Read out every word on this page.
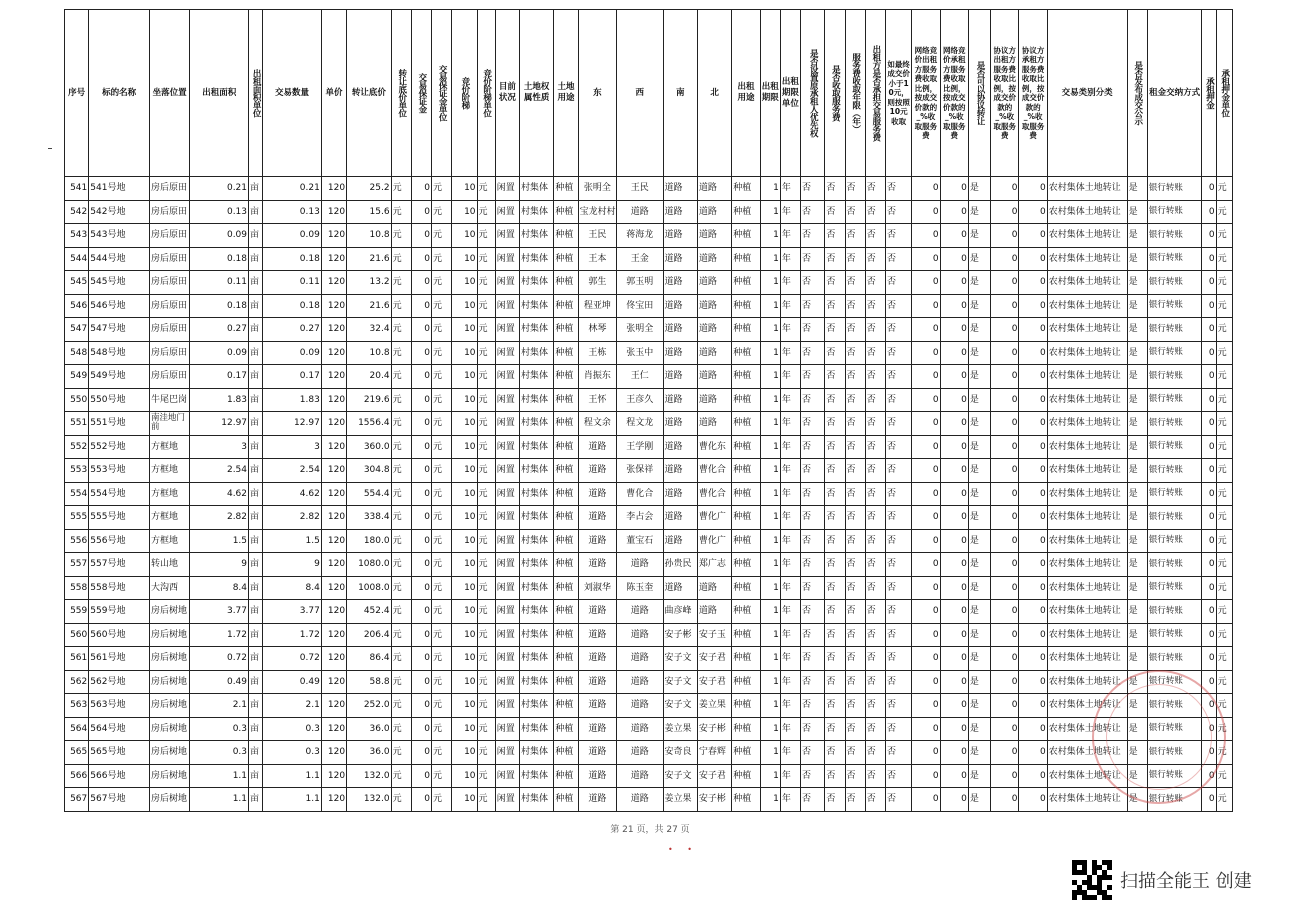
序号	标的名称	坐落位置	出租面积	出租面积单位	交易数量	单价	转让底价	转让底价单位	交易保证金	交易保证金单位	竞价阶梯	竞价阶梯单位	目前状况	土地权属性质	土地用途	东	西	南	北	出租用途	出租期限	出租期限单位	是否设置原承租人优先权	是否收取服务费	服务费收取年限（年）	出租方是否承担交易服务费	如最终成交价小于10元，则按照10元收取	网络竞价出租方服务费收取比例，按成交价款的_%收取服务费	网络竞价承租方服务费收取比例，按成交价款的_%收取服务费	是否可以协议转让	协议方出租方服务费收取比例，按成交价款的_%收取服务费	协议方承租方服务费收取比例，按成交价款的_%收取服务费	交易类别分类	是否发布成交公示	租金交纳方式	承租押金	承租押金单位
541	541号地	房后原田	0.21	亩	0.21	120	25.2	元	0	元	10	元	闲置	村集体	种植	张明全	王民	道路	道路	种植	1	年	否	否	否	否	否	0	0	是	0	0	农村集体土地转让	是	银行转账	0	元
542	542号地	房后原田	0.13	亩	0.13	120	15.6	元	0	元	10	元	闲置	村集体	种植	宝龙村村	道路	道路	道路	种植	1	年	否	否	否	否	否	0	0	是	0	0	农村集体土地转让	是	银行转账	0	元
543	543号地	房后原田	0.09	亩	0.09	120	10.8	元	0	元	10	元	闲置	村集体	种植	王民	蒋海龙	道路	道路	种植	1	年	否	否	否	否	否	0	0	是	0	0	农村集体土地转让	是	银行转账	0	元
544	544号地	房后原田	0.18	亩	0.18	120	21.6	元	0	元	10	元	闲置	村集体	种植	王本	王金	道路	道路	种植	1	年	否	否	否	否	否	0	0	是	0	0	农村集体土地转让	是	银行转账	0	元
545	545号地	房后原田	0.11	亩	0.11	120	13.2	元	0	元	10	元	闲置	村集体	种植	郭生	郭玉明	道路	道路	种植	1	年	否	否	否	否	否	0	0	是	0	0	农村集体土地转让	是	银行转账	0	元
546	546号地	房后原田	0.18	亩	0.18	120	21.6	元	0	元	10	元	闲置	村集体	种植	程亚坤	佟宝田	道路	道路	种植	1	年	否	否	否	否	否	0	0	是	0	0	农村集体土地转让	是	银行转账	0	元
547	547号地	房后原田	0.27	亩	0.27	120	32.4	元	0	元	10	元	闲置	村集体	种植	林琴	张明全	道路	道路	种植	1	年	否	否	否	否	否	0	0	是	0	0	农村集体土地转让	是	银行转账	0	元
548	548号地	房后原田	0.09	亩	0.09	120	10.8	元	0	元	10	元	闲置	村集体	种植	王栋	张玉中	道路	道路	种植	1	年	否	否	否	否	否	0	0	是	0	0	农村集体土地转让	是	银行转账	0	元
549	549号地	房后原田	0.17	亩	0.17	120	20.4	元	0	元	10	元	闲置	村集体	种植	肖振东	王仁	道路	道路	种植	1	年	否	否	否	否	否	0	0	是	0	0	农村集体土地转让	是	银行转账	0	元
550	550号地	牛尾巴岗	1.83	亩	1.83	120	219.6	元	0	元	10	元	闲置	村集体	种植	王怀	王彦久	道路	道路	种植	1	年	否	否	否	否	否	0	0	是	0	0	农村集体土地转让	是	银行转账	0	元
551	551号地	南洼地门前	12.97	亩	12.97	120	1556.4	元	0	元	10	元	闲置	村集体	种植	程文余	程文龙	道路	道路	种植	1	年	否	否	否	否	否	0	0	是	0	0	农村集体土地转让	是	银行转账	0	元
552	552号地	方框地	3	亩	3	120	360.0	元	0	元	10	元	闲置	村集体	种植	道路	王学刚	道路	曹化东	种植	1	年	否	否	否	否	否	0	0	是	0	0	农村集体土地转让	是	银行转账	0	元
553	553号地	方框地	2.54	亩	2.54	120	304.8	元	0	元	10	元	闲置	村集体	种植	道路	张保祥	道路	曹化合	种植	1	年	否	否	否	否	否	0	0	是	0	0	农村集体土地转让	是	银行转账	0	元
554	554号地	方框地	4.62	亩	4.62	120	554.4	元	0	元	10	元	闲置	村集体	种植	道路	曹化合	道路	曹化合	种植	1	年	否	否	否	否	否	0	0	是	0	0	农村集体土地转让	是	银行转账	0	元
555	555号地	方框地	2.82	亩	2.82	120	338.4	元	0	元	10	元	闲置	村集体	种植	道路	李占会	道路	曹化广	种植	1	年	否	否	否	否	否	0	0	是	0	0	农村集体土地转让	是	银行转账	0	元
556	556号地	方框地	1.5	亩	1.5	120	180.0	元	0	元	10	元	闲置	村集体	种植	道路	董宝石	道路	曹化广	种植	1	年	否	否	否	否	否	0	0	是	0	0	农村集体土地转让	是	银行转账	0	元
557	557号地	转山地	9	亩	9	120	1080.0	元	0	元	10	元	闲置	村集体	种植	道路	道路	孙贵民	郑广志	种植	1	年	否	否	否	否	否	0	0	是	0	0	农村集体土地转让	是	银行转账	0	元
558	558号地	大沟西	8.4	亩	8.4	120	1008.0	元	0	元	10	元	闲置	村集体	种植	刘淑华	陈玉奎	道路	道路	种植	1	年	否	否	否	否	否	0	0	是	0	0	农村集体土地转让	是	银行转账	0	元
559	559号地	房后树地	3.77	亩	3.77	120	452.4	元	0	元	10	元	闲置	村集体	种植	道路	道路	曲彦峰	道路	种植	1	年	否	否	否	否	否	0	0	是	0	0	农村集体土地转让	是	银行转账	0	元
560	560号地	房后树地	1.72	亩	1.72	120	206.4	元	0	元	10	元	闲置	村集体	种植	道路	道路	安子彬	安子玉	种植	1	年	否	否	否	否	否	0	0	是	0	0	农村集体土地转让	是	银行转账	0	元
561	561号地	房后树地	0.72	亩	0.72	120	86.4	元	0	元	10	元	闲置	村集体	种植	道路	道路	安子文	安子君	种植	1	年	否	否	否	否	否	0	0	是	0	0	农村集体土地转让	是	银行转账	0	元
562	562号地	房后树地	0.49	亩	0.49	120	58.8	元	0	元	10	元	闲置	村集体	种植	道路	道路	安子文	安子君	种植	1	年	否	否	否	否	否	0	0	是	0	0	农村集体土地转让	是	银行转账	0	元
563	563号地	房后树地	2.1	亩	2.1	120	252.0	元	0	元	10	元	闲置	村集体	种植	道路	道路	安子文	姜立果	种植	1	年	否	否	否	否	否	0	0	是	0	0	农村集体土地转让	是	银行转账	0	元
564	564号地	房后树地	0.3	亩	0.3	120	36.0	元	0	元	10	元	闲置	村集体	种植	道路	道路	姜立果	安子彬	种植	1	年	否	否	否	否	否	0	0	是	0	0	农村集体土地转让	是	银行转账	0	元
565	565号地	房后树地	0.3	亩	0.3	120	36.0	元	0	元	10	元	闲置	村集体	种植	道路	道路	安奇良	宁春辉	种植	1	年	否	否	否	否	否	0	0	是	0	0	农村集体土地转让	是	银行转账	0	元
566	566号地	房后树地	1.1	亩	1.1	120	132.0	元	0	元	10	元	闲置	村集体	种植	道路	道路	安子文	安子君	种植	1	年	否	否	否	否	否	0	0	是	0	0	农村集体土地转让	是	银行转账	0	元
567	567号地	房后树地	1.1	亩	1.1	120	132.0	元	0	元	10	元	闲置	村集体	种植	道路	道路	姜立果	安子彬	种植	1	年	否	否	否	否	否	0	0	是	0	0	农村集体土地转让	是	银行转账	0	元
第 21 页，共 27 页
• •
扫描全能王 创建
